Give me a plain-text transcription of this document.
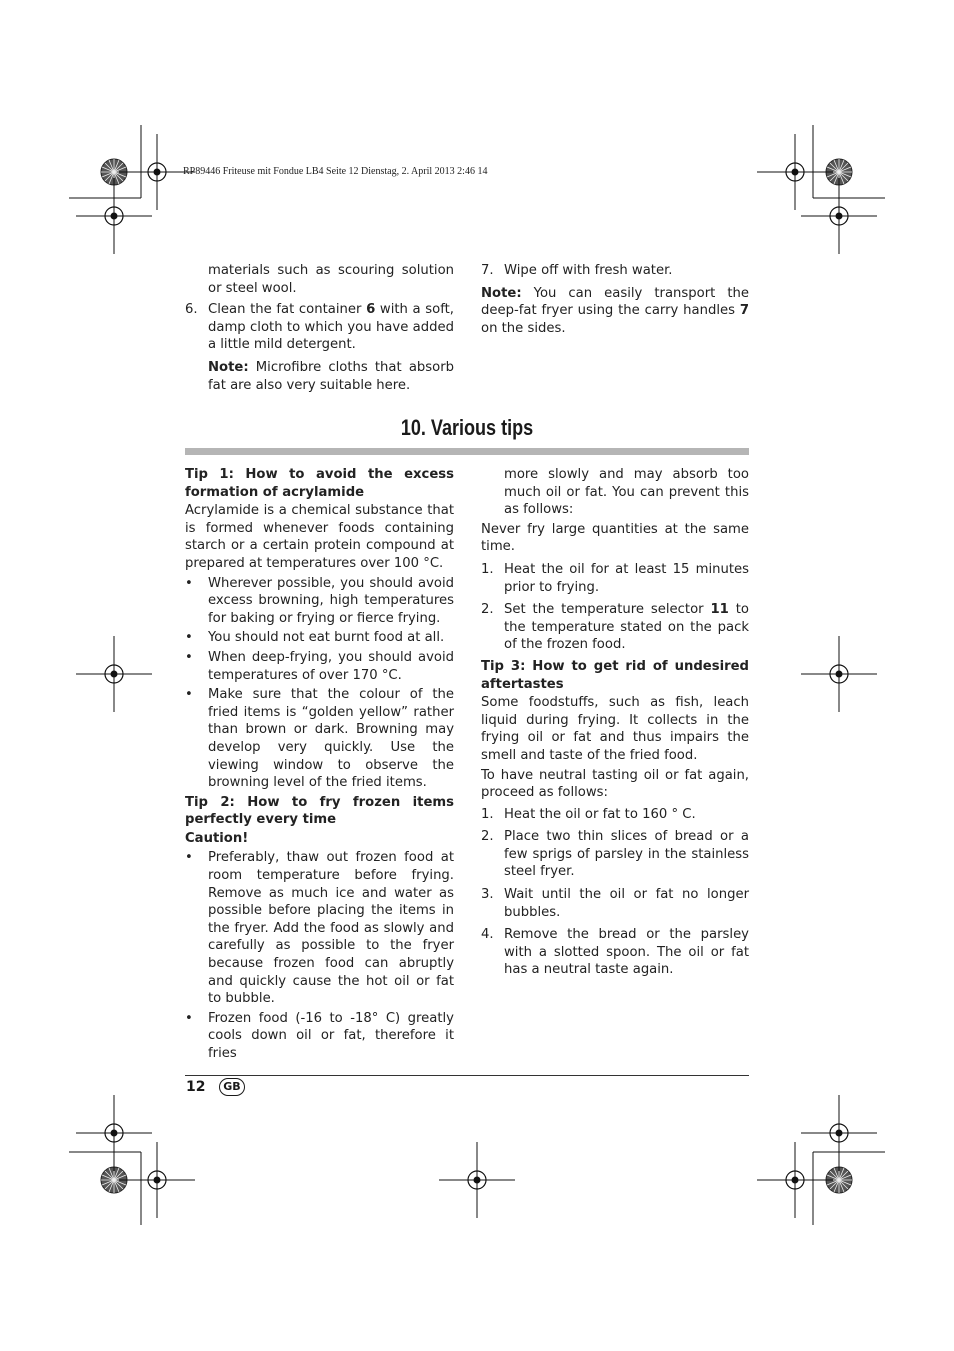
RP89446 Friteuse mit Fondue LB4 Seite 12 Dienstag, 2. April 2013 2:46 14

materials such as scouring solution or steel wool.

6. Clean the fat container 6 with a soft, damp cloth to which you have added a little mild detergent.

Note: Microfibre cloths that absorb fat are also very suitable here.

7. Wipe off with fresh water.

Note: You can easily transport the deep-fat fryer using the carry handles 7 on the sides.

10. Various tips

Tip 1: How to avoid the excess formation of acrylamide

Acrylamide is a chemical substance that is formed whenever foods containing starch or a certain protein compound at prepared at temperatures over 100 °C.

• Wherever possible, you should avoid excess browning, high temperatures for baking or frying or fierce frying.

• You should not eat burnt food at all.

• When deep-frying, you should avoid temperatures of over 170 °C.

• Make sure that the colour of the fried items is “golden yellow” rather than brown or dark. Browning may develop very quickly. Use the viewing window to observe the browning level of the fried items.

Tip 2: How to fry frozen items perfectly every time

Caution!

• Preferably, thaw out frozen food at room temperature before frying. Remove as much ice and water as possible before placing the items in the fryer. Add the food as slowly and carefully as possible to the fryer because frozen food can abruptly and quickly cause the hot oil or fat to bubble.

• Frozen food (-16 to -18° C) greatly cools down oil or fat, therefore it fries

more slowly and may absorb too much oil or fat. You can prevent this as follows:

Never fry large quantities at the same time.

1. Heat the oil for at least 15 minutes prior to frying.

2. Set the temperature selector 11 to the temperature stated on the pack of the frozen food.

Tip 3: How to get rid of undesired aftertastes

Some foodstuffs, such as fish, leach liquid during frying. It collects in the frying oil or fat and thus impairs the smell and taste of the fried food.

To have neutral tasting oil or fat again, proceed as follows:

1. Heat the oil or fat to 160 ° C.

2. Place two thin slices of bread or a few sprigs of parsley in the stainless steel fryer.

3. Wait until the oil or fat no longer bubbles.

4. Remove the bread or the parsley with a slotted spoon. The oil or fat has a neutral taste again.

12	GB
